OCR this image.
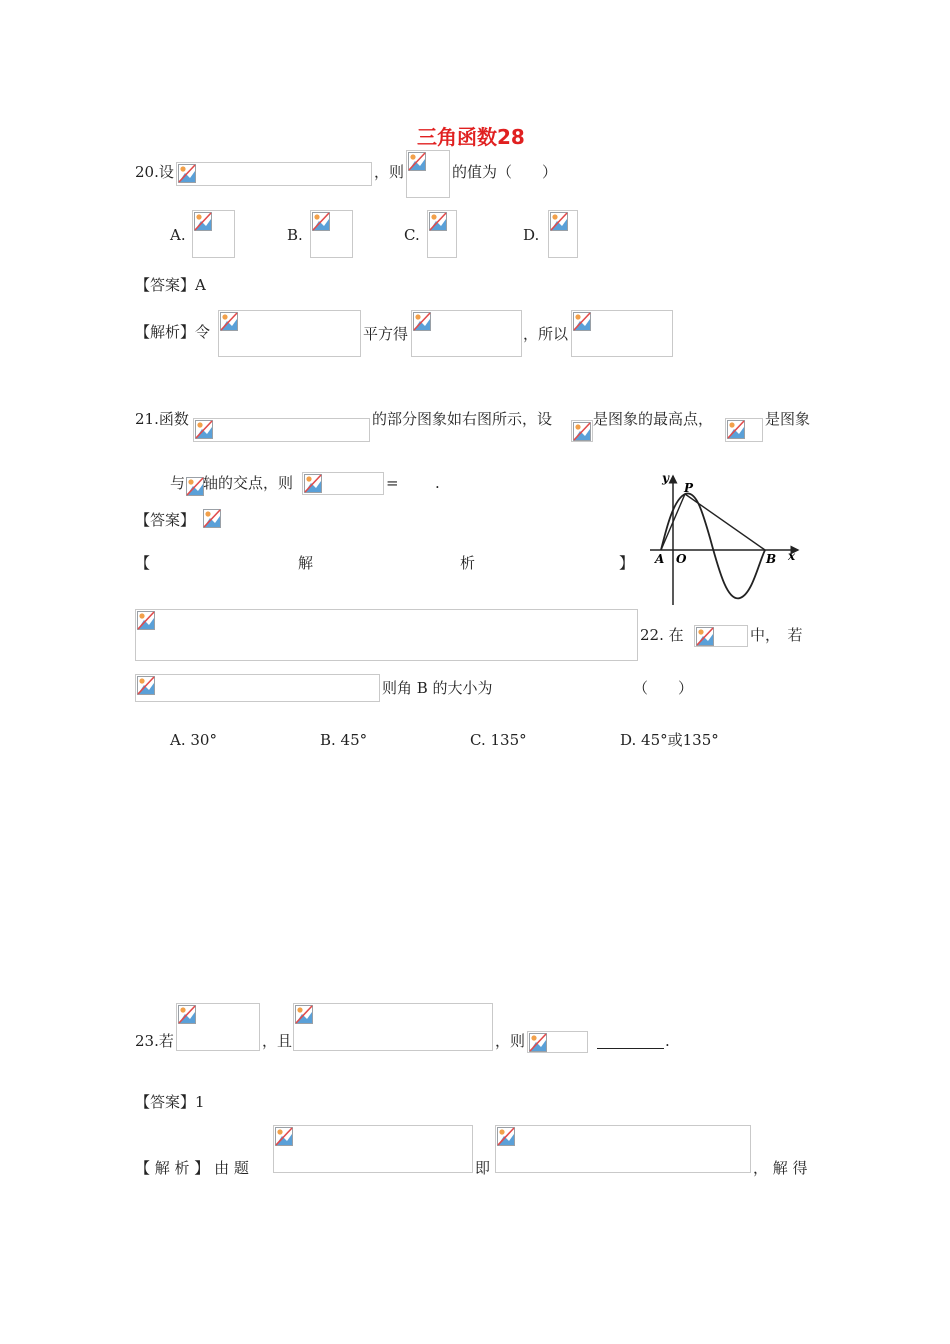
三角函数28
20.设	，则	的值为（　　）
A.	B.	C.	D.
【答案】A
【解析】令	平方得	，所以
21.函数	的部分图象如右图所示，设	是图象的最高点，	是图象
与 轴的交点，则	= .
【答案】
【	解	析	】
y
P
A O	B x
22. 在	中，　若
则角 B 的大小为	（　　）
A. 30°	B. 45°	C. 135°	D. 45°或135°
23.若	，且	，则	.
【答案】1
【 解 析 】 由 题	即	， 解 得
